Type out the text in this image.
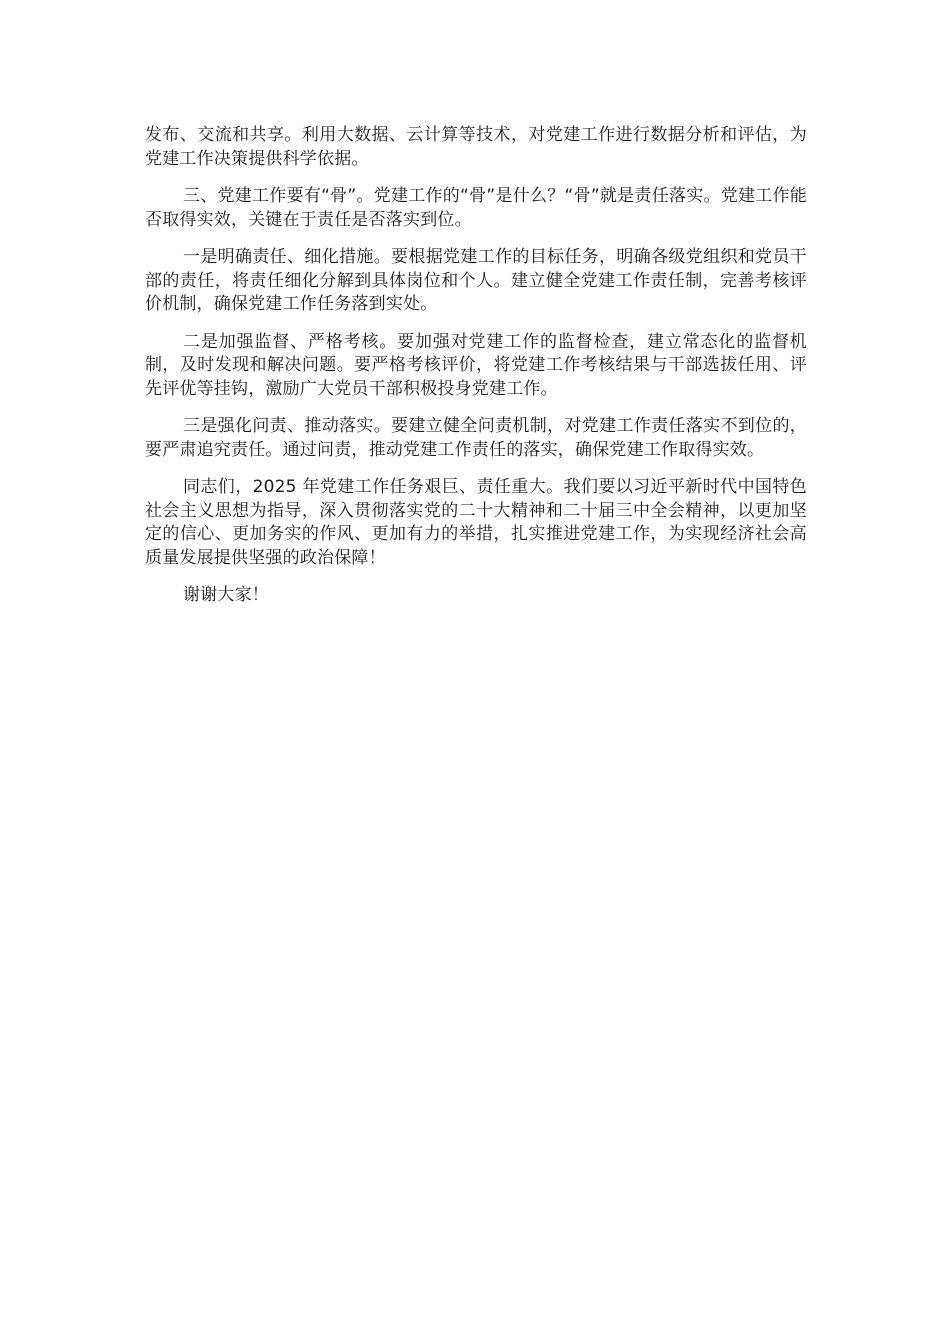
发布、交流和共享。利用大数据、云计算等技术，对党建工作进行数据分析和评估，为党建工作决策提供科学依据。

三、党建工作要有“骨”。党建工作的“骨”是什么？“骨”就是责任落实。党建工作能否取得实效，关键在于责任是否落实到位。

一是明确责任、细化措施。要根据党建工作的目标任务，明确各级党组织和党员干部的责任，将责任细化分解到具体岗位和个人。建立健全党建工作责任制，完善考核评价机制，确保党建工作任务落到实处。

二是加强监督、严格考核。要加强对党建工作的监督检查，建立常态化的监督机制，及时发现和解决问题。要严格考核评价，将党建工作考核结果与干部选拔任用、评先评优等挂钩，激励广大党员干部积极投身党建工作。

三是强化问责、推动落实。要建立健全问责机制，对党建工作责任落实不到位的，要严肃追究责任。通过问责，推动党建工作责任的落实，确保党建工作取得实效。

同志们，2025 年党建工作任务艰巨、责任重大。我们要以习近平新时代中国特色社会主义思想为指导，深入贯彻落实党的二十大精神和二十届三中全会精神，以更加坚定的信心、更加务实的作风、更加有力的举措，扎实推进党建工作，为实现经济社会高质量发展提供坚强的政治保障！

谢谢大家！
